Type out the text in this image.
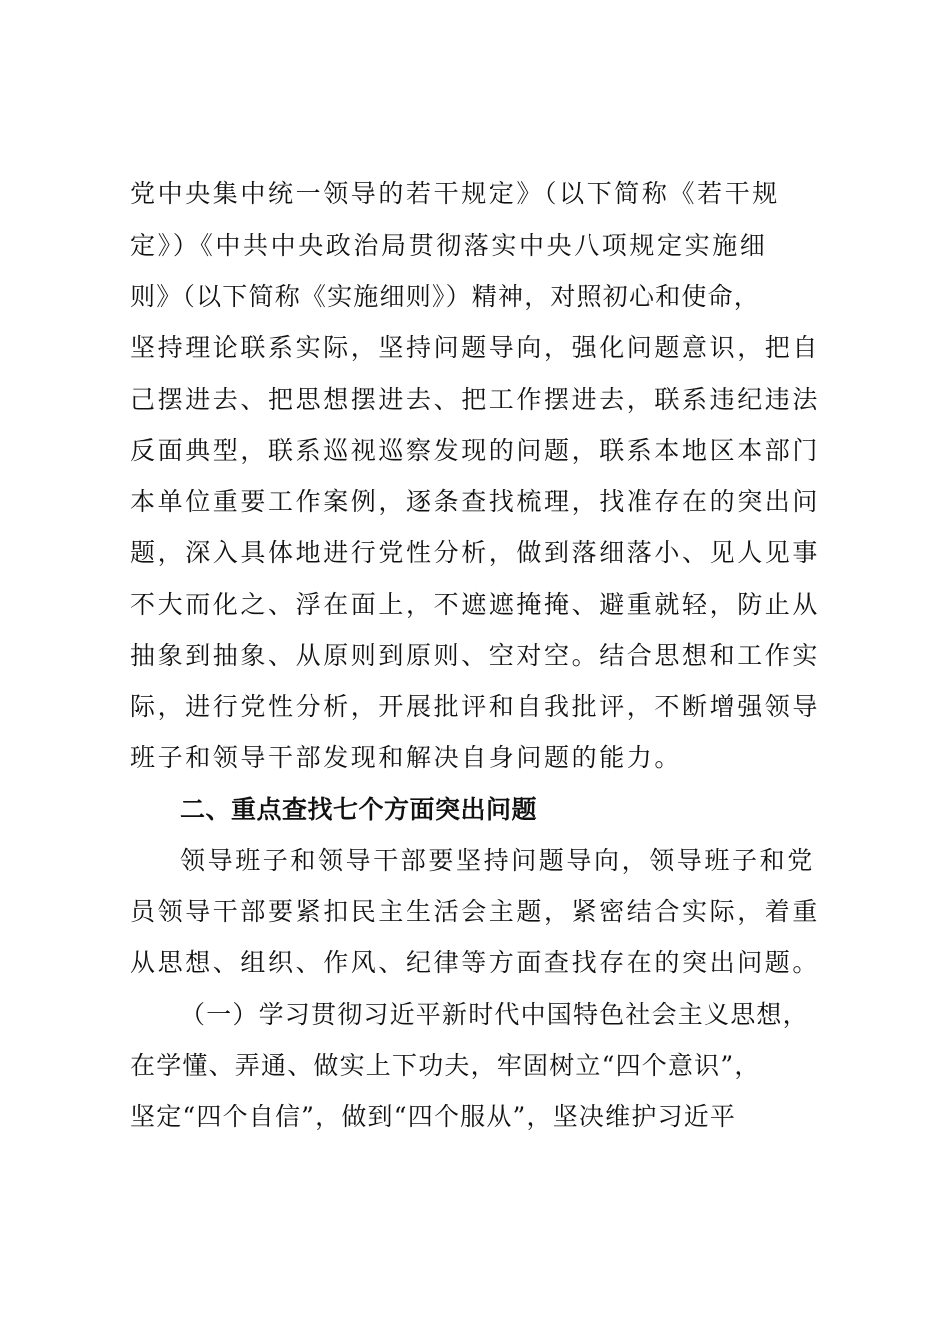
党中央集中统一领导的若干规定》（以下简称《若干规
定》）《中共中央政治局贯彻落实中央八项规定实施细
则》（以下简称《实施细则》）精神，对照初心和使命，
坚持理论联系实际，坚持问题导向，强化问题意识，把自
己摆进去、把思想摆进去、把工作摆进去，联系违纪违法
反面典型，联系巡视巡察发现的问题，联系本地区本部门
本单位重要工作案例，逐条查找梳理，找准存在的突出问
题，深入具体地进行党性分析，做到落细落小、见人见事
不大而化之、浮在面上，不遮遮掩掩、避重就轻，防止从
抽象到抽象、从原则到原则、空对空。结合思想和工作实
际，进行党性分析，开展批评和自我批评，不断增强领导
班子和领导干部发现和解决自身问题的能力。
二、重点查找七个方面突出问题
领导班子和领导干部要坚持问题导向，领导班子和党
员领导干部要紧扣民主生活会主题，紧密结合实际，着重
从思想、组织、作风、纪律等方面查找存在的突出问题。
（一）学习贯彻习近平新时代中国特色社会主义思想，
在学懂、弄通、做实上下功夫，牢固树立“四个意识”，
坚定“四个自信”，做到“四个服从”，坚决维护习近平
